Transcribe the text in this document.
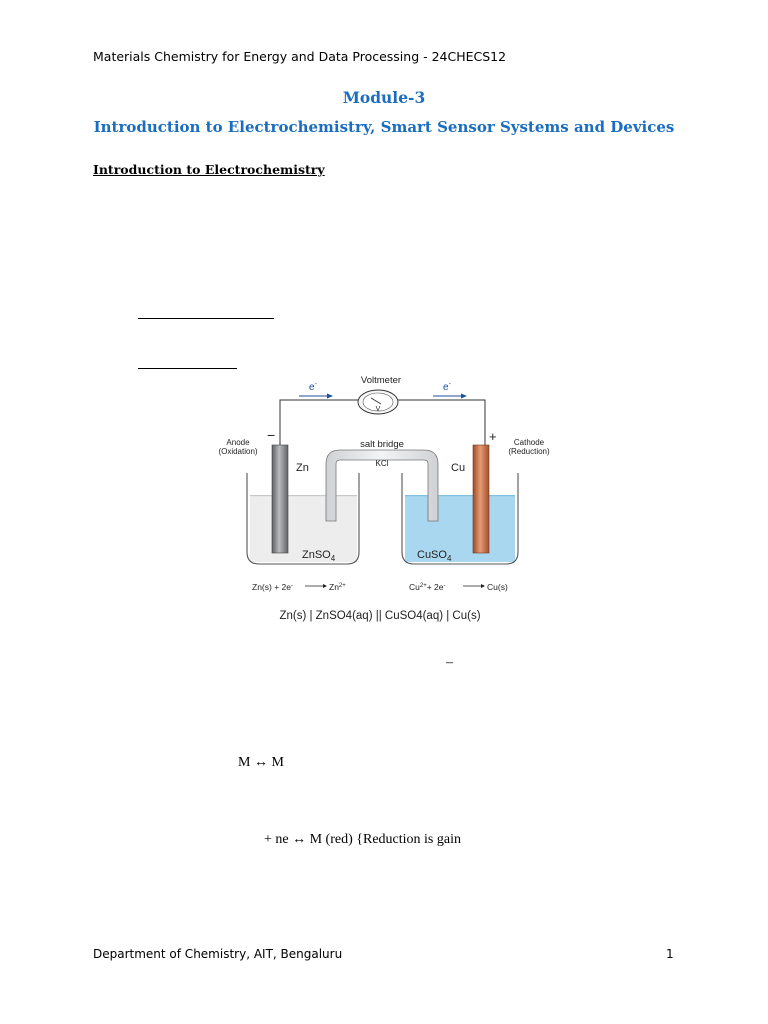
Materials Chemistry for Energy and Data Processing - 24CHECS12
Module-3
Introduction to Electrochemistry, Smart Sensor Systems and Devices
Introduction to Electrochemistry
Voltmeter
V
e-	e-
−	+
Anode
(Oxidation)
Cathode
(Reduction)
salt bridge
KCl
Zn	Cu
ZnSO$_4$	CuSO$_4$
Zn(s) + 2e-	$Zn^{2+}$	$Cu^{2+}+ 2e^-$	Cu(s)
Zn(s) | ZnSO4(aq) || CuSO4(aq) | Cu(s)
–
M ↔ M
+ ne ↔ M (red) {Reduction is gain
Department of Chemistry, AIT, Bengaluru	1
